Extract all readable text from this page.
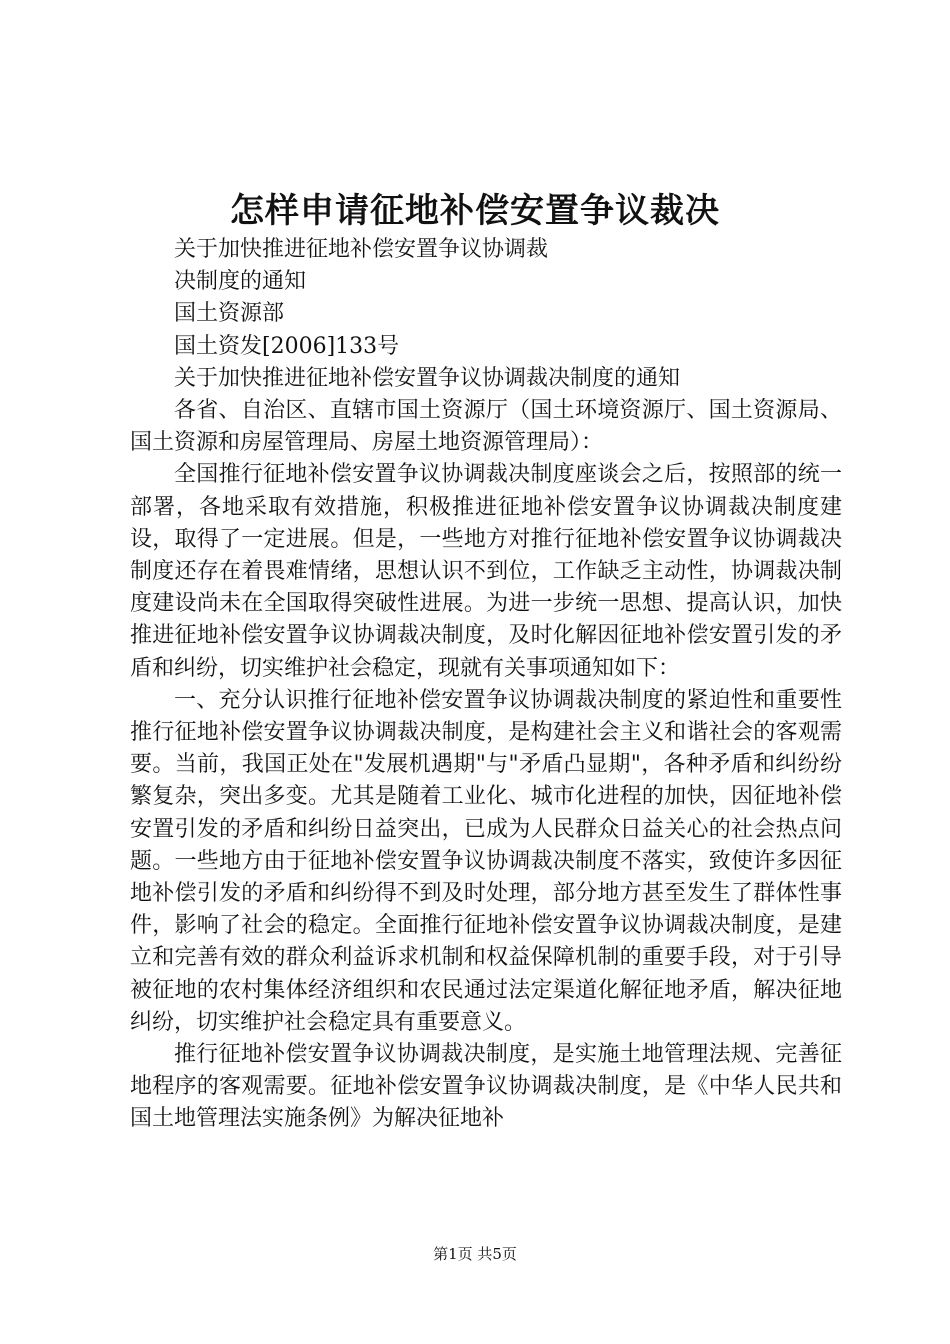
怎样申请征地补偿安置争议裁决

关于加快推进征地补偿安置争议协调裁

决制度的通知

国土资源部

国土资发[2006]133号

关于加快推进征地补偿安置争议协调裁决制度的通知

各省、自治区、直辖市国土资源厅（国土环境资源厅、国土资源局、国土资源和房屋管理局、房屋土地资源管理局）：

全国推行征地补偿安置争议协调裁决制度座谈会之后，按照部的统一部署，各地采取有效措施，积极推进征地补偿安置争议协调裁决制度建设，取得了一定进展。但是，一些地方对推行征地补偿安置争议协调裁决制度还存在着畏难情绪，思想认识不到位，工作缺乏主动性，协调裁决制度建设尚未在全国取得突破性进展。为进一步统一思想、提高认识，加快推进征地补偿安置争议协调裁决制度，及时化解因征地补偿安置引发的矛盾和纠纷，切实维护社会稳定，现就有关事项通知如下：

一、充分认识推行征地补偿安置争议协调裁决制度的紧迫性和重要性推行征地补偿安置争议协调裁决制度，是构建社会主义和谐社会的客观需要。当前，我国正处在"发展机遇期"与"矛盾凸显期"，各种矛盾和纠纷纷繁复杂，突出多变。尤其是随着工业化、城市化进程的加快，因征地补偿安置引发的矛盾和纠纷日益突出，已成为人民群众日益关心的社会热点问题。一些地方由于征地补偿安置争议协调裁决制度不落实，致使许多因征地补偿引发的矛盾和纠纷得不到及时处理，部分地方甚至发生了群体性事件，影响了社会的稳定。全面推行征地补偿安置争议协调裁决制度，是建立和完善有效的群众利益诉求机制和权益保障机制的重要手段，对于引导被征地的农村集体经济组织和农民通过法定渠道化解征地矛盾，解决征地纠纷，切实维护社会稳定具有重要意义。

推行征地补偿安置争议协调裁决制度，是实施土地管理法规、完善征地程序的客观需要。征地补偿安置争议协调裁决制度，是《中华人民共和国土地管理法实施条例》为解决征地补

第1页 共5页
